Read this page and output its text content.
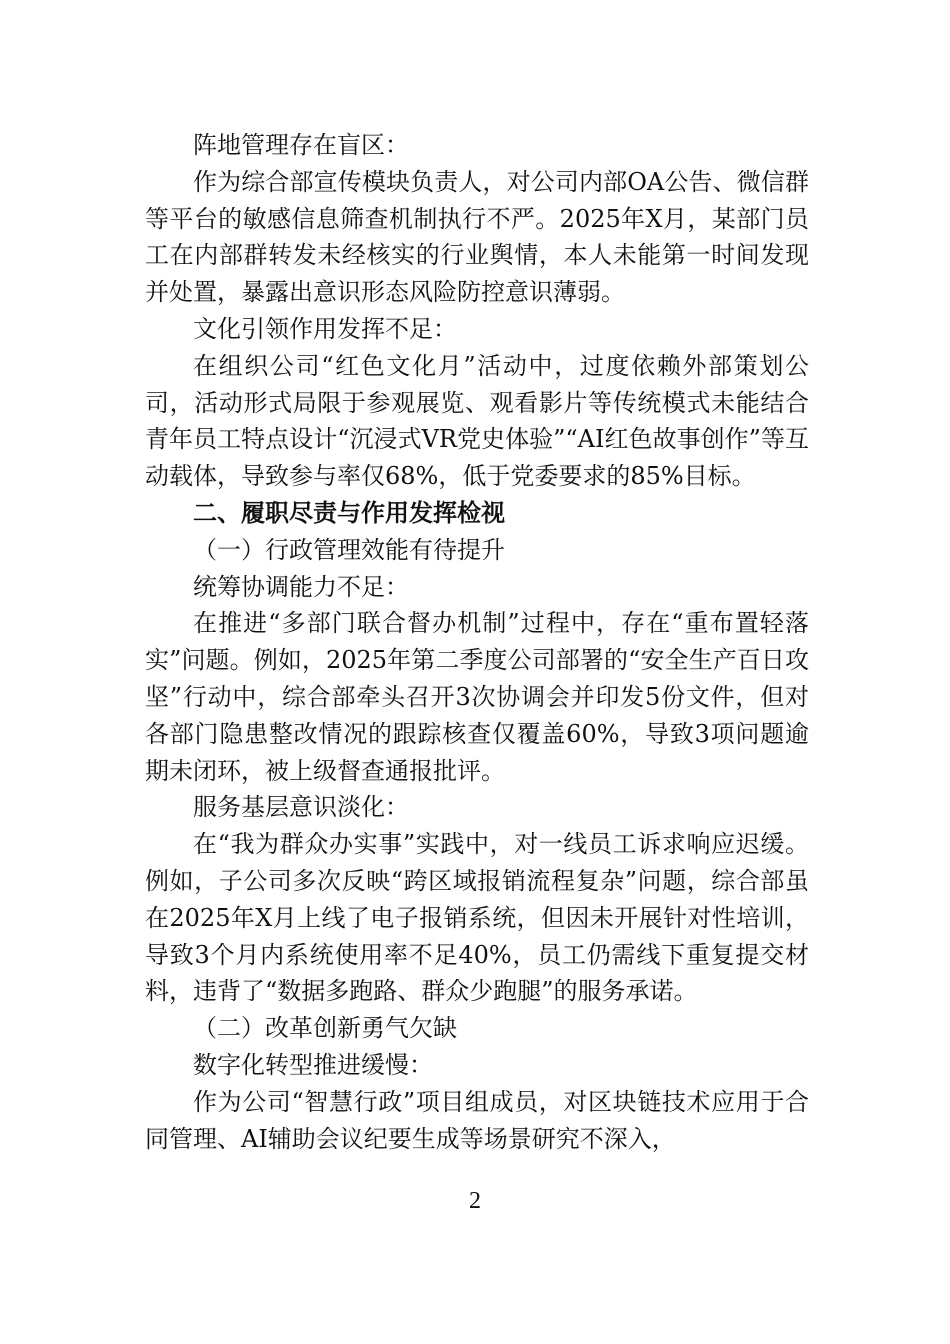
阵地管理存在盲区：

作为综合部宣传模块负责人，对公司内部OA公告、微信群等平台的敏感信息筛查机制执行不严。2025年X月，某部门员工在内部群转发未经核实的行业舆情，本人未能第一时间发现并处置，暴露出意识形态风险防控意识薄弱。

文化引领作用发挥不足：

在组织公司“红色文化月”活动中，过度依赖外部策划公司，活动形式局限于参观展览、观看影片等传统模式未能结合青年员工特点设计“沉浸式VR党史体验”“AI红色故事创作”等互动载体，导致参与率仅68%，低于党委要求的85%目标。

二、履职尽责与作用发挥检视

（一）行政管理效能有待提升

统筹协调能力不足：

在推进“多部门联合督办机制”过程中，存在“重布置轻落实”问题。例如，2025年第二季度公司部署的“安全生产百日攻坚”行动中，综合部牵头召开3次协调会并印发5份文件，但对各部门隐患整改情况的跟踪核查仅覆盖60%，导致3项问题逾期未闭环，被上级督查通报批评。

服务基层意识淡化：

在“我为群众办实事”实践中，对一线员工诉求响应迟缓。例如，子公司多次反映“跨区域报销流程复杂”问题，综合部虽在2025年X月上线了电子报销系统，但因未开展针对性培训，导致3个月内系统使用率不足40%，员工仍需线下重复提交材料，违背了“数据多跑路、群众少跑腿”的服务承诺。

（二）改革创新勇气欠缺

数字化转型推进缓慢：

作为公司“智慧行政”项目组成员，对区块链技术应用于合同管理、AI辅助会议纪要生成等场景研究不深入，

2
